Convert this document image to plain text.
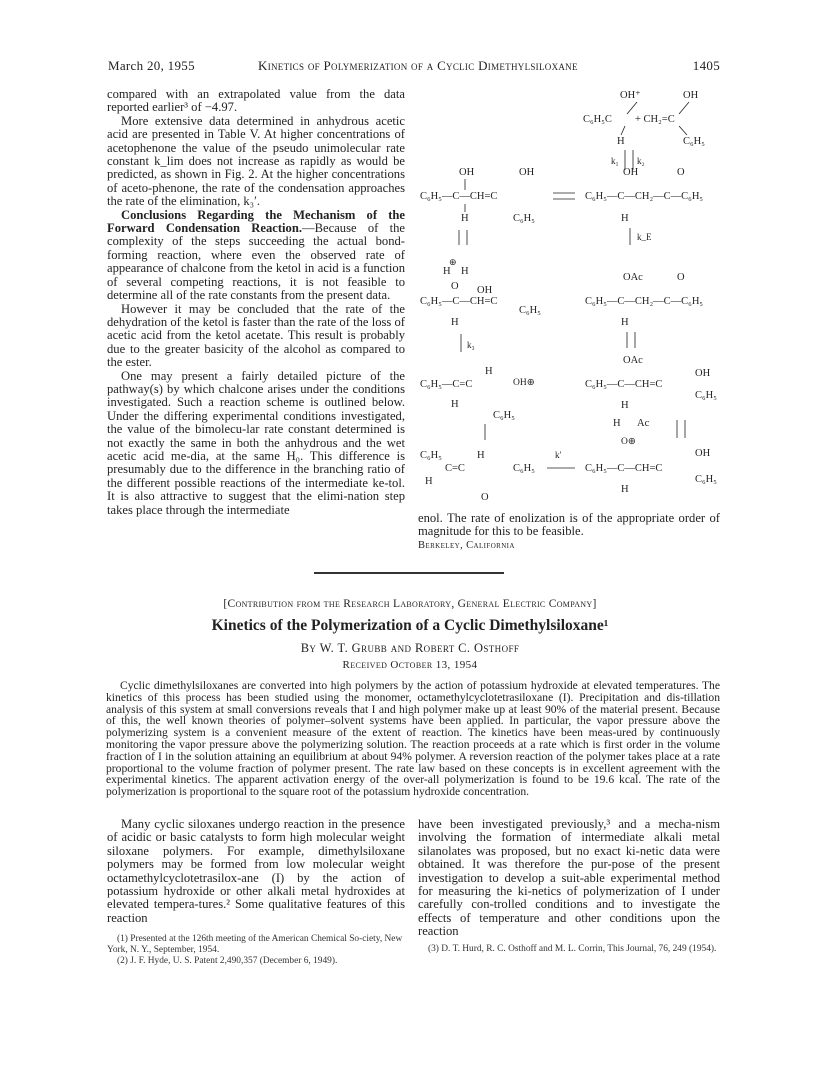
March 20, 1955	Kinetics of Polymerization of a Cyclic Dimethylsiloxane	1405

compared with an extrapolated value from the data reported earlier³ of −4.97.

More extensive data determined in anhydrous acetic acid are presented in Table V. At higher concentrations of acetophenone the value of the pseudo unimolecular rate constant k_lim does not increase as rapidly as would be predicted, as shown in Fig. 2. At the higher concentrations of aceto-phenone, the rate of the condensation approaches the rate of the elimination, k₃′.

Conclusions Regarding the Mechanism of the Forward Condensation Reaction.—Because of the complexity of the steps succeeding the actual bond-forming reaction, where even the observed rate of appearance of chalcone from the ketol in acid is a function of several competing reactions, it is not feasible to determine all of the rate constants from the present data.

However it may be concluded that the rate of the dehydration of the ketol is faster than the rate of the loss of acetic acid from the ketol acetate. This result is probably due to the greater basicity of the alcohol as compared to the ester.

One may present a fairly detailed picture of the pathway(s) by which chalcone arises under the conditions investigated. Such a reaction scheme is outlined below. Under the differing experimental conditions investigated, the value of the bimolecu-lar rate constant determined is not exactly the same in both the anhydrous and the wet acetic acid me-dia, at the same H₀. This difference is presumably due to the difference in the branching ratio of the different possible reactions of the intermediate ke-tol. It is also attractive to suggest that the elimi-nation step takes place through the intermediate

OH⁺	OH
C₆H₅C + CH₂=C
H	C₆H₅
k₁ k₂
OH	OH
C₆H₅—C—CH=C
H	C₆H₅
OH	O
C₆H₅—C—CH₂—C—C₆H₅
H
k_E
⊕
H H
O OH
C₆H₅—C—CH=C
C₆H₅
H
k₃
OAc	O
C₆H₅—C—CH₂—C—C₆H₅
H
H
C₆H₅—C=C	OH⊕
H
C₆H₅
OAc
OH
C₆H₅—C—CH=C
C₆H₅
H
H Ac
O⊕
C₆H₅	H
C=C	C₆H₅
H
O
k′	OH
C₆H₅—C—CH=C
C₆H₅
H

enol. The rate of enolization is of the appropriate order of magnitude for this to be feasible.

Berkeley, California
[Contribution from the Research Laboratory, General Electric Company]
Kinetics of the Polymerization of a Cyclic Dimethylsiloxane¹
By W. T. Grubb and Robert C. Osthoff
Received October 13, 1954
Cyclic dimethylsiloxanes are converted into high polymers by the action of potassium hydroxide at elevated temperatures. The kinetics of this process has been studied using the monomer, octamethylcyclotetrasiloxane (I). Precipitation and dis-tillation analysis of this system at small conversions reveals that I and high polymer make up at least 90% of the material present. Because of this, the well known theories of polymer–solvent systems have been applied. In particular, the vapor pressure above the polymerizing system is a convenient measure of the extent of reaction. The kinetics have been meas-ured by continuously monitoring the vapor pressure above the polymerizing solution. The reaction proceeds at a rate which is first order in the volume fraction of I in the solution attaining an equilibrium at about 94% polymer. A reversion reaction of the polymer takes place at a rate proportional to the volume fraction of polymer present. The rate law based on these concepts is in excellent agreement with the experimental kinetics. The apparent activation energy of the over-all polymerization is found to be 19.6 kcal. The rate of the polymerization is proportional to the square root of the potassium hydroxide concentration.

Many cyclic siloxanes undergo reaction in the presence of acidic or basic catalysts to form high molecular weight siloxane polymers. For example, dimethylsiloxane polymers may be formed from low molecular weight octamethylcyclotetrasilox-ane (I) by the action of potassium hydroxide or other alkali metal hydroxides at elevated tempera-tures.² Some qualitative features of this reaction

have been investigated previously,³ and a mecha-nism involving the formation of intermediate alkali metal silanolates was proposed, but no exact ki-netic data were obtained. It was therefore the pur-pose of the present investigation to develop a suit-able experimental method for measuring the ki-netics of polymerization of I under carefully con-trolled conditions and to investigate the effects of temperature and other conditions upon the reaction

(1) Presented at the 126th meeting of the American Chemical So-ciety, New York, N. Y., September, 1954.

(2) J. F. Hyde, U. S. Patent 2,490,357 (December 6, 1949).

(3) D. T. Hurd, R. C. Osthoff and M. L. Corrin, This Journal, 76, 249 (1954).
